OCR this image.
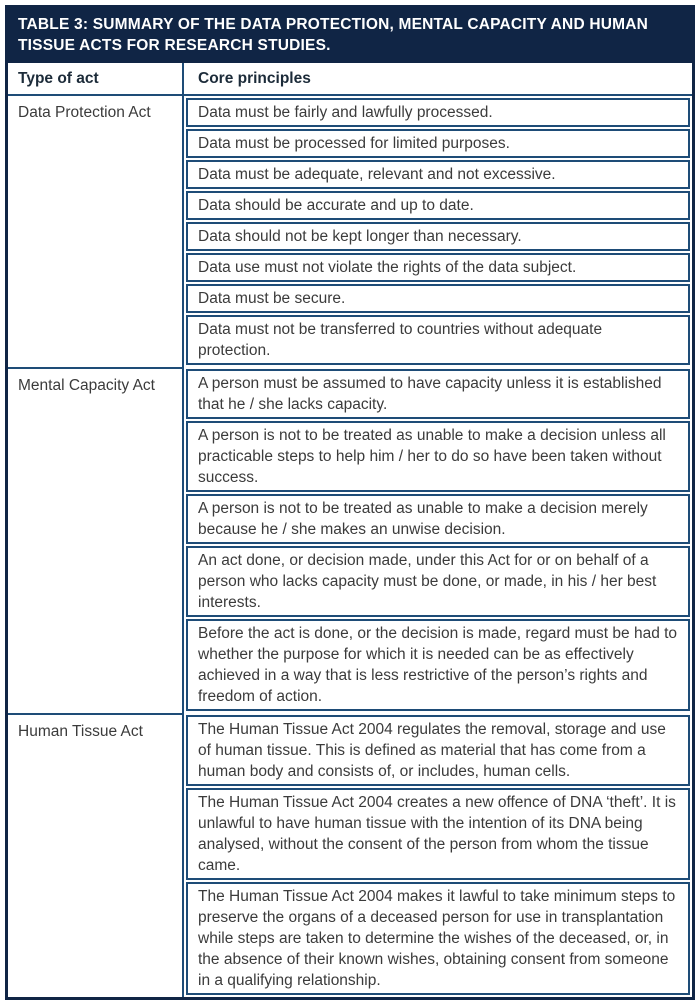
TABLE 3: SUMMARY OF THE DATA PROTECTION, MENTAL CAPACITY AND HUMAN TISSUE ACTS FOR RESEARCH STUDIES.
Type of act	Core principles
Data Protection Act	Data must be fairly and lawfully processed.
Data must be processed for limited purposes.
Data must be adequate, relevant and not excessive.
Data should be accurate and up to date.
Data should not be kept longer than necessary.
Data use must not violate the rights of the data subject.
Data must be secure.
Data must not be transferred to countries without adequate protection.
Mental Capacity Act	A person must be assumed to have capacity unless it is established that he / she lacks capacity.
A person is not to be treated as unable to make a decision unless all practicable steps to help him / her to do so have been taken without success.
A person is not to be treated as unable to make a decision merely because he / she makes an unwise decision.
An act done, or decision made, under this Act for or on behalf of a person who lacks capacity must be done, or made, in his / her best interests.
Before the act is done, or the decision is made, regard must be had to whether the purpose for which it is needed can be as effectively achieved in a way that is less restrictive of the person’s rights and freedom of action.
Human Tissue Act	The Human Tissue Act 2004 regulates the removal, storage and use of human tissue. This is defined as material that has come from a human body and consists of, or includes, human cells.
The Human Tissue Act 2004 creates a new offence of DNA ‘theft’. It is unlawful to have human tissue with the intention of its DNA being analysed, without the consent of the person from whom the tissue came.
The Human Tissue Act 2004 makes it lawful to take minimum steps to preserve the organs of a deceased person for use in transplantation while steps are taken to determine the wishes of the deceased, or, in the absence of their known wishes, obtaining consent from someone in a qualifying relationship.
